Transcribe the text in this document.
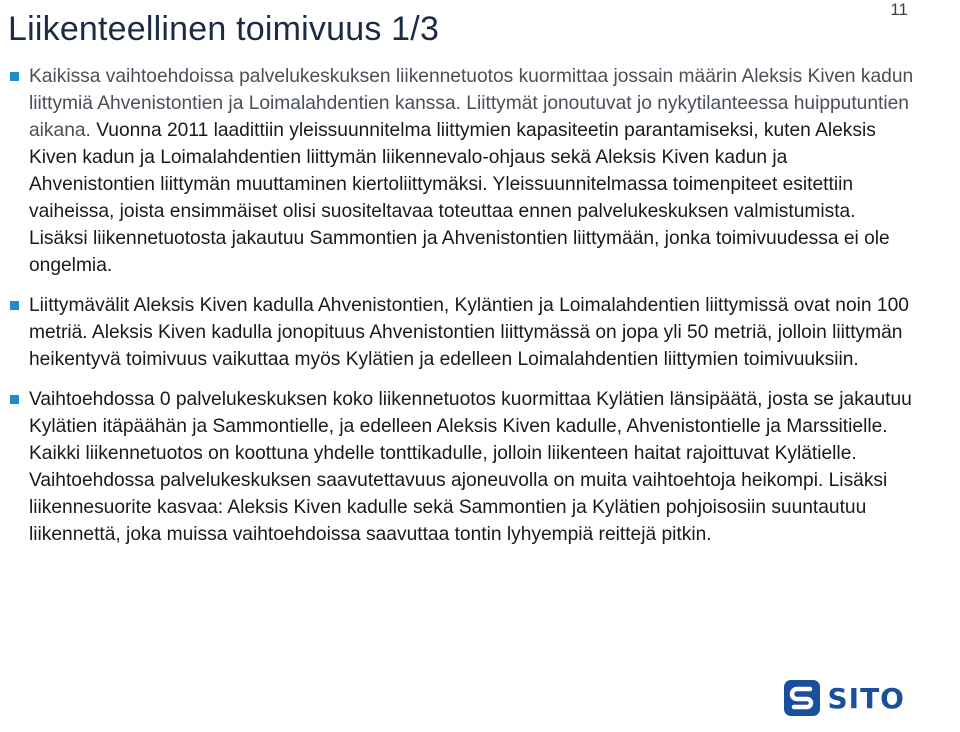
Liikenteellinen toimivuus 1/3
11
Kaikissa vaihtoehdoissa palvelukeskuksen liikennetuotos kuormittaa jossain määrin Aleksis Kiven kadun liittymiä Ahvenistontien ja Loimalahdentien kanssa. Liittymät jonoutuvat jo nykytilanteessa huipputuntien aikana. Vuonna 2011 laadittiin yleissuunnitelma liittymien kapasiteetin parantamiseksi, kuten Aleksis Kiven kadun ja Loimalahdentien liittymän liikennevalo-ohjaus sekä Aleksis Kiven kadun ja Ahvenistontien liittymän muuttaminen kiertoliittymäksi. Yleissuunnitelmassa toimenpiteet esitettiin vaiheissa, joista ensimmäiset olisi suositeltavaa toteuttaa ennen palvelukeskuksen valmistumista. Lisäksi liikennetuotosta jakautuu Sammontien ja Ahvenistontien liittymään, jonka toimivuudessa ei ole ongelmia.
Liittymävälit Aleksis Kiven kadulla Ahvenistontien, Kyläntien ja Loimalahdentien liittymissä ovat noin 100 metriä. Aleksis Kiven kadulla jonopituus Ahvenistontien liittymässä on jopa yli 50 metriä, jolloin liittymän heikentyvä toimivuus vaikuttaa myös Kylätien ja edelleen Loimalahdentien liittymien toimivuuksiin.
Vaihtoehdossa 0 palvelukeskuksen koko liikennetuotos kuormittaa Kylätien länsipäätä, josta se jakautuu Kylätien itäpäähän ja Sammontielle, ja edelleen Aleksis Kiven kadulle, Ahvenistontielle ja Marssitielle. Kaikki liikennetuotos on koottuna yhdelle tonttikadulle, jolloin liikenteen haitat rajoittuvat Kylätielle. Vaihtoehdossa palvelukeskuksen saavutettavuus ajoneuvolla on muita vaihtoehtoja heikompi. Lisäksi liikennesuorite kasvaa: Aleksis Kiven kadulle sekä Sammontien ja Kylätien pohjoisosiin suuntautuu liikennettä, joka muissa vaihtoehdoissa saavuttaa tontin lyhyempiä reittejä pitkin.
SITO
